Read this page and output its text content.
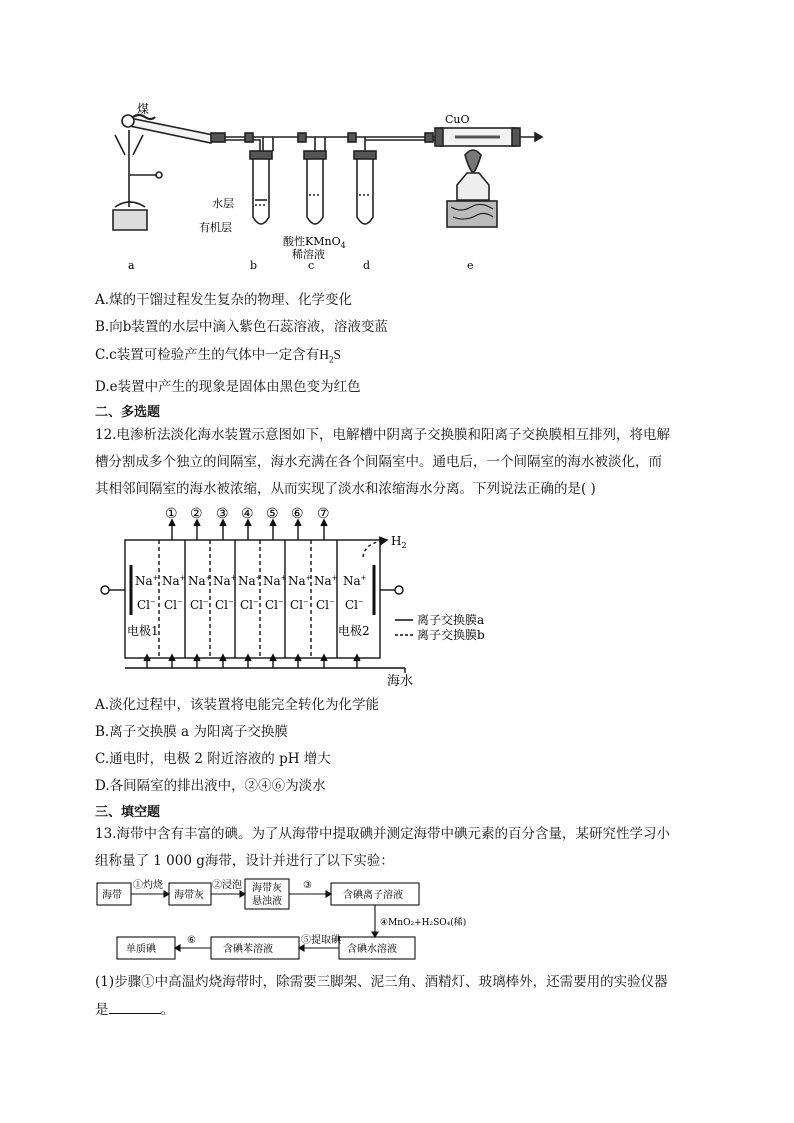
煤
CuO
水层
有机层
酸性KMnO$_4$
稀溶液
a	b	c	d	e
A.煤的干馏过程发生复杂的物理、化学变化
B.向b装置的水层中滴入紫色石蕊溶液，溶液变蓝
C.c装置可检验产生的气体中一定含有$H_2S$
D.e装置中产生的现象是固体由黑色变为红色
二、多选题
12.电渗析法淡化海水装置示意图如下，电解槽中阴离子交换膜和阳离子交换膜相互排列，将电解
槽分割成多个独立的间隔室，海水充满在各个间隔室中。通电后，一个间隔室的海水被淡化，而
其相邻间隔室的海水被浓缩，从而实现了淡水和浓缩海水分离。下列说法正确的是( )
① ② ③ ④ ⑤ ⑥ ⑦
$H_2$
Na+ Na+ Na+ Na+ Na+ Na+ Na+ Na+ Na+
Cl− Cl− Cl− Cl− Cl− Cl− Cl− Cl− Cl−
电极1	电极2
离子交换膜a
离子交换膜b
海水
A.淡化过程中，该装置将电能完全转化为化学能
B.离子交换膜 a 为阳离子交换膜
C.通电时，电极 2 附近溶液的 pH 增大
D.各间隔室的排出液中，②④⑥为淡水
三、填空题
13.海带中含有丰富的碘。为了从海带中提取碘并测定海带中碘元素的百分含量，某研究性学习小
组称量了 1 000 g海带，设计并进行了以下实验：
海带
①灼烧
海带灰
②浸泡 海带灰
悬浊液
③
含碘离子溶液
④MnO₂+H₂SO₄(稀)
含碘水溶液
⑤提取碘
含碘苯溶液
⑥
单质碘
(1)步骤①中高温灼烧海带时，除需要三脚架、泥三角、酒精灯、玻璃棒外，还需要用的实验仪器
是	。
